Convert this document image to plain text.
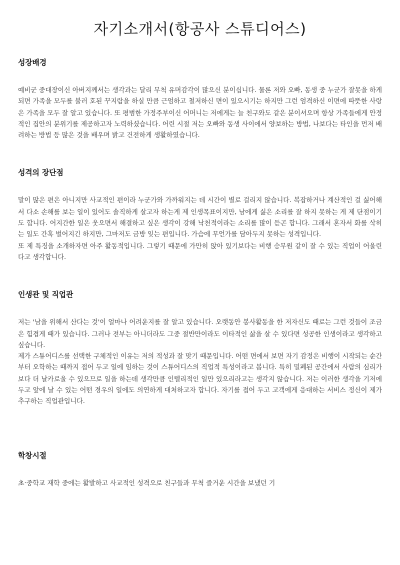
자기소개서(항공사 스튜디어스)
성장배경

예비군 중대장이신 아버지께서는 생각과는 달리 무척 유머감각이 많으신 분이십니다. 물론 저와 오빠, 동생 중 누군가 잘못을 하게 되면 가족을 모두를 불러 호된 꾸지람을 하실 만큼 근엄하고 철저하신 면이 있으시기는 하지만 그런 엄격하신 이면에 따뜻한 사랑은 가족을 모두 잘 알고 있습니다. 또 평범한 가정주부이신 어머니는 저에게는 늘 친구와도 같은 분이셔으며 항상 가족들에게 안정적인 집안의 분위기를 제공하고자 노력하셨습니다. 어린 시절 저는 오빠와 동생 사이에서 양보하는 방법, 나보다는 타인을 먼저 배려하는 방법 등 많은 것을 배우며 밝고 건전하게 생활하였습니다.

성격의 장단점

말이 많은 편은 아니지만 사교적인 편이라 누군가와 가까워지는 데 시간이 별로 걸리지 않습니다. 복잡하거나 계산적인 걸 싫어해서 다소 손해를 보는 일이 있어도 솔직하게 살고자 하는게 제 인생목표이지만, 남에게 싫은 소리를 잘 하지 못하는 게 제 단점이기도 합니다. 어지간한 일은 웃으면서 해결하고 싶은 생각이 강해 낙천적이라는 소리를 많이 듣곤 합니다. 그래서 혼자서 화를 삭히는 일도 간혹 벌어지긴 하지만, 그마저도 금방 잊는 편입니다. 가슴에 무언가를 담아두지 못하는 성격입니다.

또 제 특징을 소개하자면 아주 활동적입니다. 그렇기 때문에 가만히 앉아 있기보다는 비행 승무원 같이 잘 수 있는 직업이 어울린다고 생각합니다.

인생관 및 직업관

저는 '남을 위해서 산다는 것'이 얼마나 어려운지를 잘 알고 있습니다. 오랫동안 봉사활동을 한 저자신도 때로는 그런 것들이 조금은 힘겹게 때가 있습니다. 그러나 전부는 아니더라도 그중 절반만이라도 이타적인 삶을 살 수 있다면 성공한 인생이라고 생각하고 싶습니다.

제가 스튜어디스를 선택한 구체적인 이유는 저의 적성과 잘 맞기 때문입니다. 어떤 면에서 보면 자기 감정은 비행이 시작되는 순간부터 오학하는 때까지 접어 두고 일에 임하는 것이 스튜어디스의 직업적 특성이라고 봅니다. 특히 밀폐된 공간에서 사람의 심리가 보다 더 날카로울 수 있으므로 일을 하는데 생각만큼 인텔리적인 일만 있으리라고는 생각지 않습니다. 저는 이러한 생각을 기저에 두고 앞에 날 수 있는 어떤 경우의 일에도 의연하게 대처하고자 합니다. 자기를 접어 두고 고객에게 응대하는 서비스 정신이 제가 추구하는 직업관입니다.

학창시절

초·중학교 재학 중에는 활발하고 사교적인 성격으로 친구들과 무척 즐거운 시간을 보냈던 기
